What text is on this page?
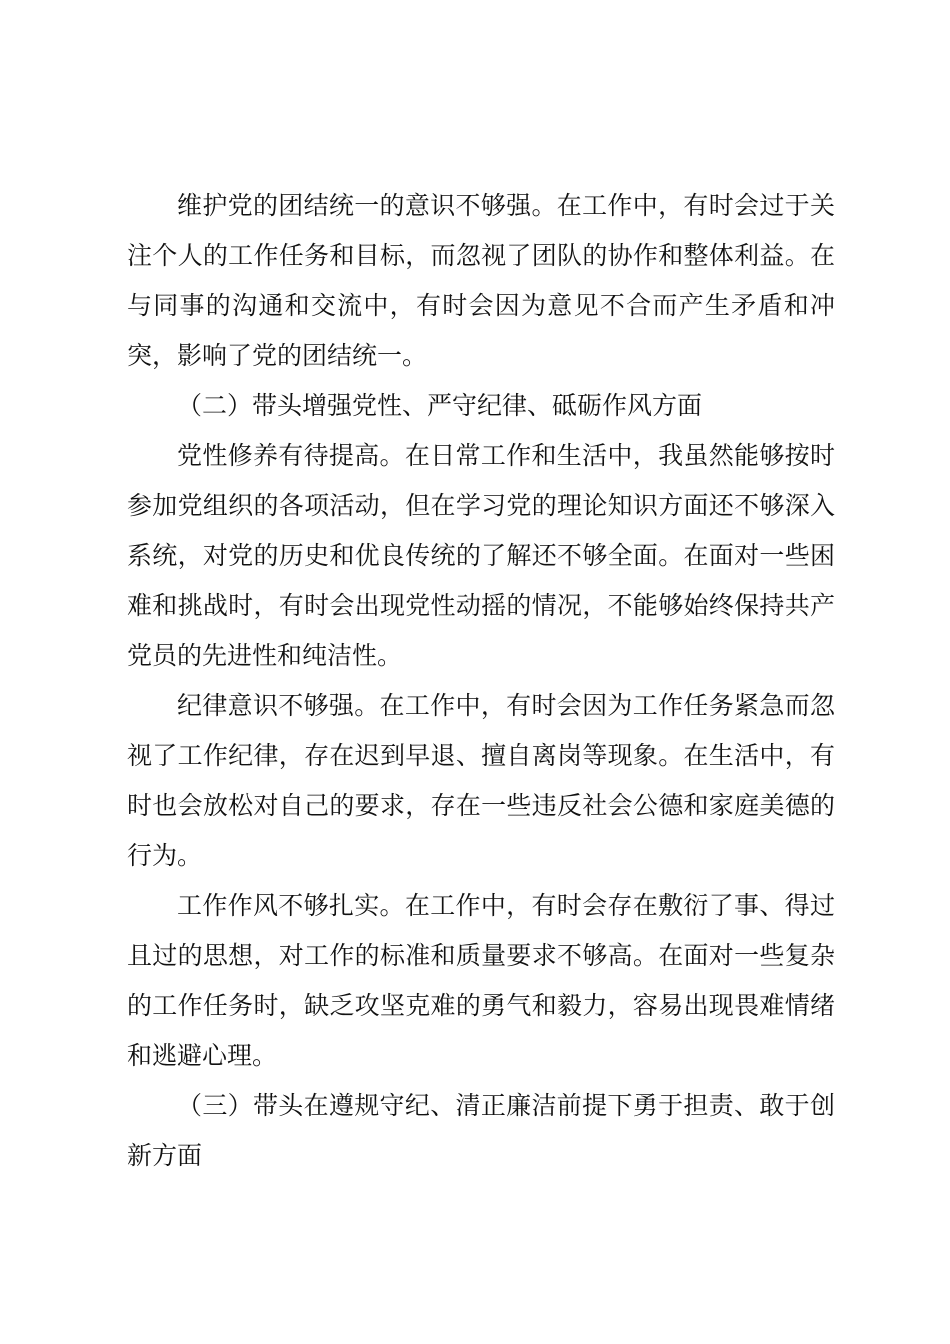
维护党的团结统一的意识不够强。在工作中，有时会过于关注个人的工作任务和目标，而忽视了团队的协作和整体利益。在与同事的沟通和交流中，有时会因为意见不合而产生矛盾和冲突，影响了党的团结统一。

（二）带头增强党性、严守纪律、砥砺作风方面

党性修养有待提高。在日常工作和生活中，我虽然能够按时参加党组织的各项活动，但在学习党的理论知识方面还不够深入系统，对党的历史和优良传统的了解还不够全面。在面对一些困难和挑战时，有时会出现党性动摇的情况，不能够始终保持共产党员的先进性和纯洁性。

纪律意识不够强。在工作中，有时会因为工作任务紧急而忽视了工作纪律，存在迟到早退、擅自离岗等现象。在生活中，有时也会放松对自己的要求，存在一些违反社会公德和家庭美德的行为。

工作作风不够扎实。在工作中，有时会存在敷衍了事、得过且过的思想，对工作的标准和质量要求不够高。在面对一些复杂的工作任务时，缺乏攻坚克难的勇气和毅力，容易出现畏难情绪和逃避心理。

（三）带头在遵规守纪、清正廉洁前提下勇于担责、敢于创新方面
